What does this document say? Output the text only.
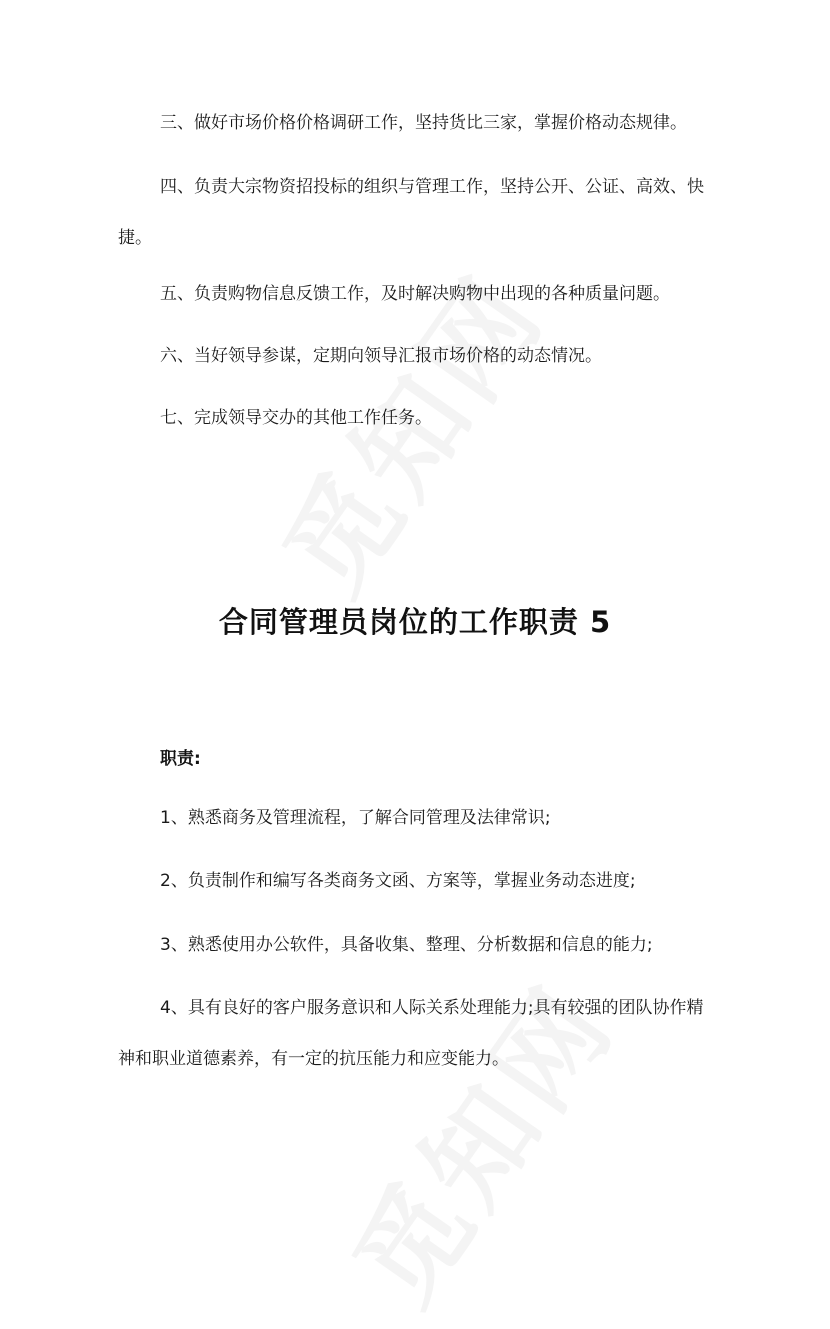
三、做好市场价格价格调研工作，坚持货比三家，掌握价格动态规律。

四、负责大宗物资招投标的组织与管理工作，坚持公开、公证、高效、快捷。

五、负责购物信息反馈工作，及时解决购物中出现的各种质量问题。

六、当好领导参谋，定期向领导汇报市场价格的动态情况。

七、完成领导交办的其他工作任务。

合同管理员岗位的工作职责 5

职责:

1、熟悉商务及管理流程，了解合同管理及法律常识;

2、负责制作和编写各类商务文函、方案等，掌握业务动态进度;

3、熟悉使用办公软件，具备收集、整理、分析数据和信息的能力;

4、具有良好的客户服务意识和人际关系处理能力;具有较强的团队协作精神和职业道德素养，有一定的抗压能力和应变能力。
